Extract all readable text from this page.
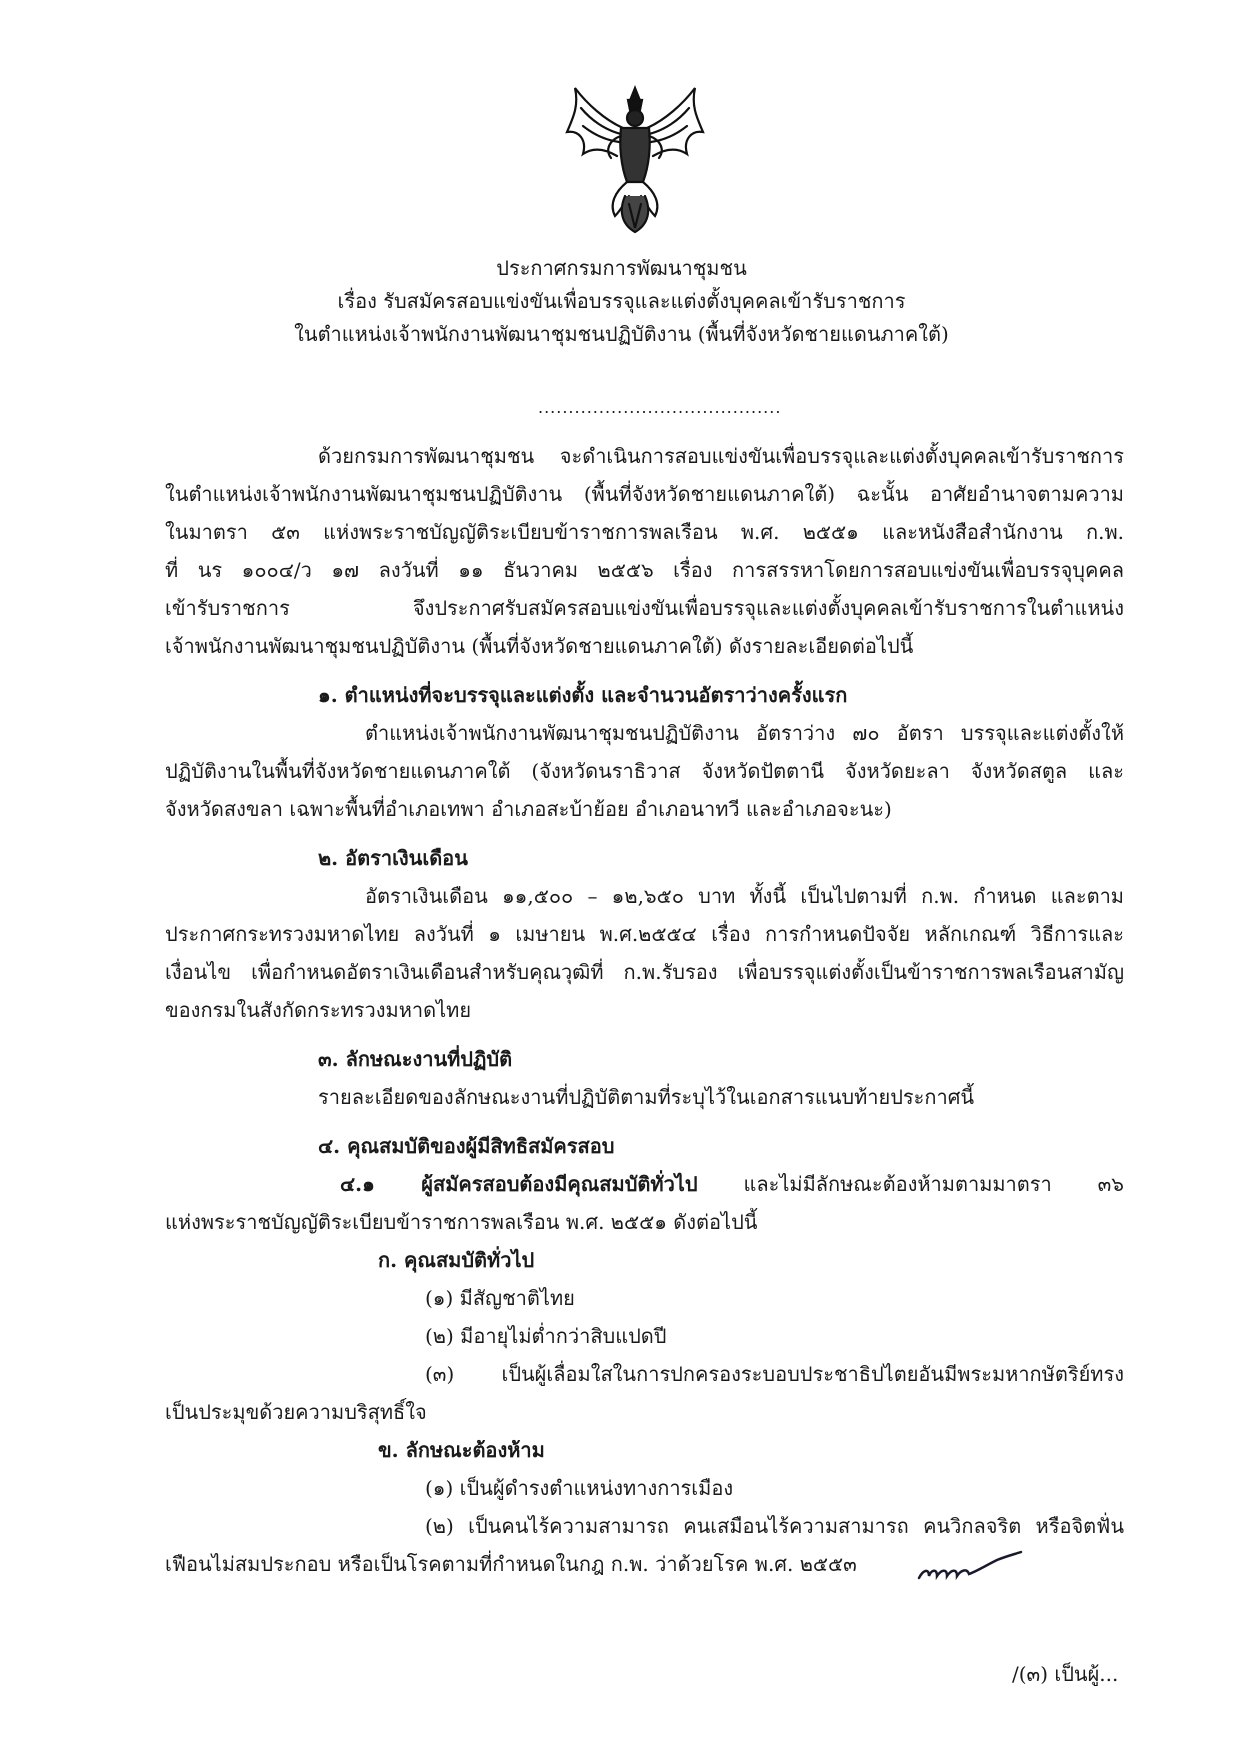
ประกาศกรมการพัฒนาชุมชน
เรื่อง รับสมัครสอบแข่งขันเพื่อบรรจุและแต่งตั้งบุคคลเข้ารับราชการ
ในตำแหน่งเจ้าพนักงานพัฒนาชุมชนปฏิบัติงาน (พื้นที่จังหวัดชายแดนภาคใต้)
........................................
ด้วยกรมการพัฒนาชุมชน จะดำเนินการสอบแข่งขันเพื่อบรรจุและแต่งตั้งบุคคลเข้ารับราชการ
ในตำแหน่งเจ้าพนักงานพัฒนาชุมชนปฏิบัติงาน (พื้นที่จังหวัดชายแดนภาคใต้) ฉะนั้น อาศัยอำนาจตามความ
ในมาตรา ๕๓ แห่งพระราชบัญญัติระเบียบข้าราชการพลเรือน พ.ศ. ๒๕๕๑ และหนังสือสำนักงาน ก.พ.
ที่ นร ๑๐๐๔/ว ๑๗ ลงวันที่ ๑๑ ธันวาคม ๒๕๕๖ เรื่อง การสรรหาโดยการสอบแข่งขันเพื่อบรรจุบุคคล
เข้ารับราชการ จึงประกาศรับสมัครสอบแข่งขันเพื่อบรรจุและแต่งตั้งบุคคลเข้ารับราชการในตำแหน่ง
เจ้าพนักงานพัฒนาชุมชนปฏิบัติงาน (พื้นที่จังหวัดชายแดนภาคใต้) ดังรายละเอียดต่อไปนี้
๑. ตำแหน่งที่จะบรรจุและแต่งตั้ง และจำนวนอัตราว่างครั้งแรก
ตำแหน่งเจ้าพนักงานพัฒนาชุมชนปฏิบัติงาน อัตราว่าง ๗๐ อัตรา บรรจุและแต่งตั้งให้
ปฏิบัติงานในพื้นที่จังหวัดชายแดนภาคใต้ (จังหวัดนราธิวาส จังหวัดปัตตานี จังหวัดยะลา จังหวัดสตูล และ
จังหวัดสงขลา เฉพาะพื้นที่อำเภอเทพา อำเภอสะบ้าย้อย อำเภอนาทวี และอำเภอจะนะ)
๒. อัตราเงินเดือน
อัตราเงินเดือน ๑๑,๕๐๐ – ๑๒,๖๕๐ บาท ทั้งนี้ เป็นไปตามที่ ก.พ. กำหนด และตาม
ประกาศกระทรวงมหาดไทย ลงวันที่ ๑ เมษายน พ.ศ.๒๕๕๔ เรื่อง การกำหนดปัจจัย หลักเกณฑ์ วิธีการและ
เงื่อนไข เพื่อกำหนดอัตราเงินเดือนสำหรับคุณวุฒิที่ ก.พ.รับรอง เพื่อบรรจุแต่งตั้งเป็นข้าราชการพลเรือนสามัญ
ของกรมในสังกัดกระทรวงมหาดไทย
๓. ลักษณะงานที่ปฏิบัติ
รายละเอียดของลักษณะงานที่ปฏิบัติตามที่ระบุไว้ในเอกสารแนบท้ายประกาศนี้
๔. คุณสมบัติของผู้มีสิทธิสมัครสอบ
๔.๑ ผู้สมัครสอบต้องมีคุณสมบัติทั่วไป และไม่มีลักษณะต้องห้ามตามมาตรา ๓๖
แห่งพระราชบัญญัติระเบียบข้าราชการพลเรือน พ.ศ. ๒๕๕๑ ดังต่อไปนี้
ก. คุณสมบัติทั่วไป
(๑) มีสัญชาติไทย
(๒) มีอายุไม่ต่ำกว่าสิบแปดปี
(๓) เป็นผู้เลื่อมใสในการปกครองระบอบประชาธิปไตยอันมีพระมหากษัตริย์ทรง
เป็นประมุขด้วยความบริสุทธิ์ใจ
ข. ลักษณะต้องห้าม
(๑) เป็นผู้ดำรงตำแหน่งทางการเมือง
(๒) เป็นคนไร้ความสามารถ คนเสมือนไร้ความสามารถ คนวิกลจริต หรือจิตฟั่น
เฟือนไม่สมประกอบ หรือเป็นโรคตามที่กำหนดในกฎ ก.พ. ว่าด้วยโรค พ.ศ. ๒๕๕๓
/(๓) เป็นผู้...
